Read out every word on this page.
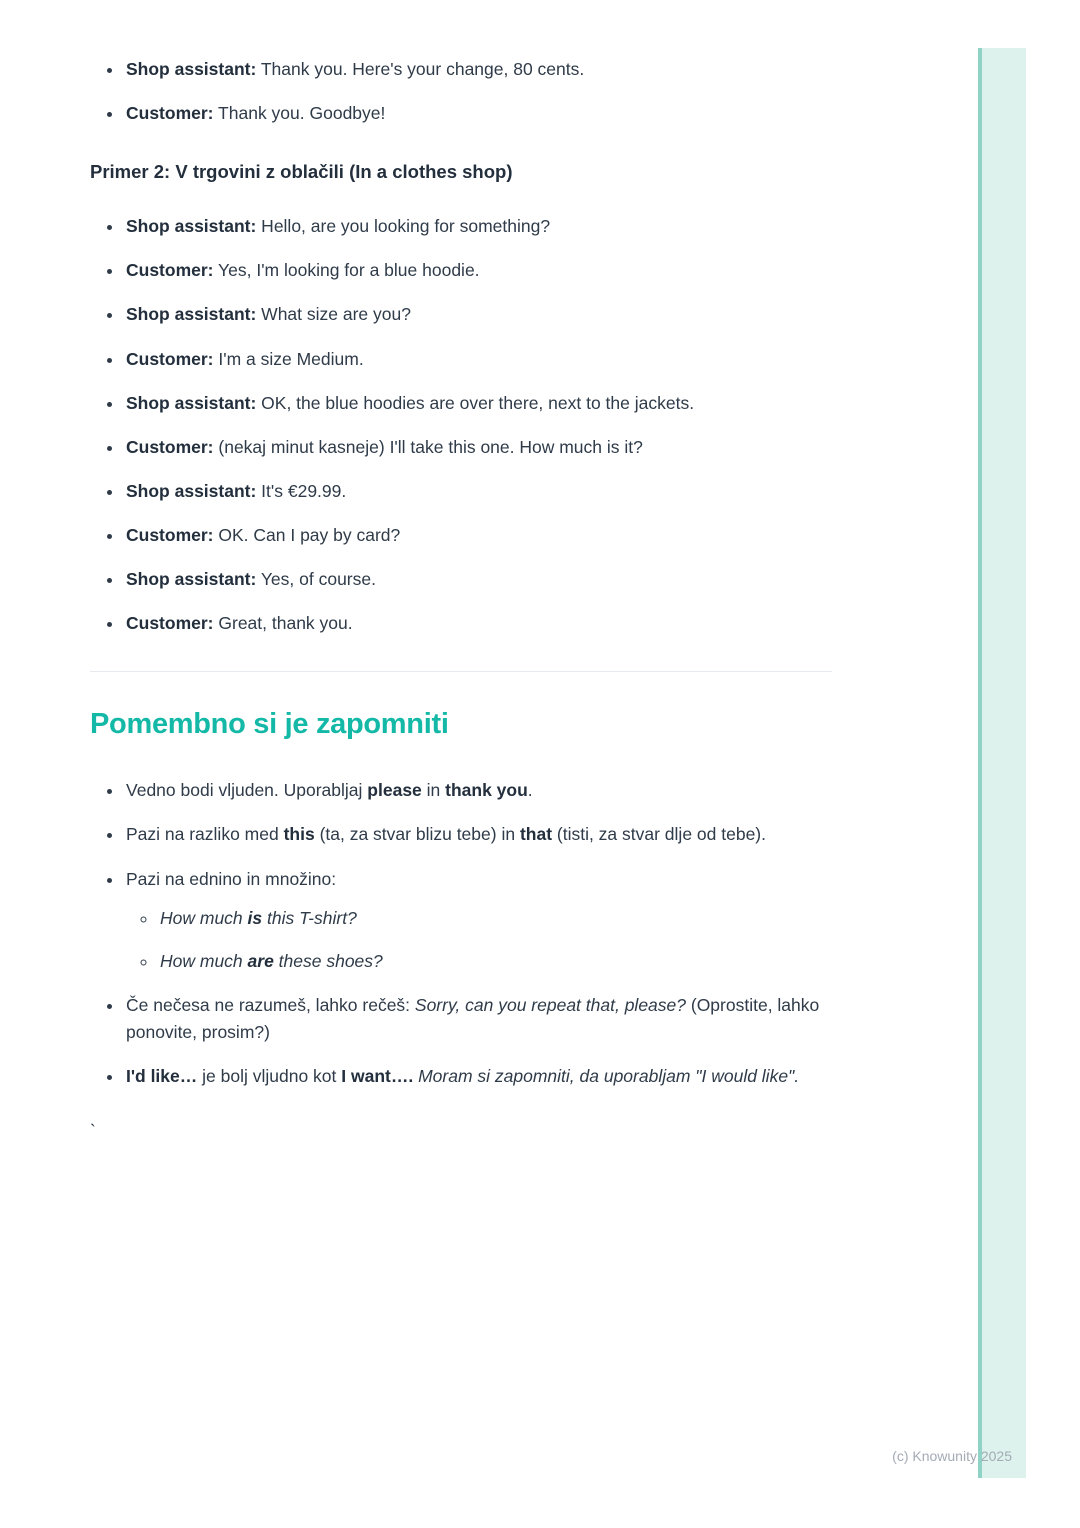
• Shop assistant: Thank you. Here's your change, 80 cents.
• Customer: Thank you. Goodbye!
Primer 2: V trgovini z oblačili (In a clothes shop)
• Shop assistant: Hello, are you looking for something?
• Customer: Yes, I'm looking for a blue hoodie.
• Shop assistant: What size are you?
• Customer: I'm a size Medium.
• Shop assistant: OK, the blue hoodies are over there, next to the jackets.
• Customer: (nekaj minut kasneje) I'll take this one. How much is it?
• Shop assistant: It's €29.99.
• Customer: OK. Can I pay by card?
• Shop assistant: Yes, of course.
• Customer: Great, thank you.
Pomembno si je zapomniti
• Vedno bodi vljuden. Uporabljaj please in thank you.
• Pazi na razliko med this (ta, za stvar blizu tebe) in that (tisti, za stvar dlje od tebe).
• Pazi na ednino in množino:
◦ How much is this T-shirt?
◦ How much are these shoes?
• Če nečesa ne razumeš, lahko rečeš: Sorry, can you repeat that, please? (Oprostite, lahko ponovite, prosim?)
• I'd like… je bolj vljudno kot I want…. Moram si zapomniti, da uporabljam "I would like".
`
(c) Knowunity 2025
